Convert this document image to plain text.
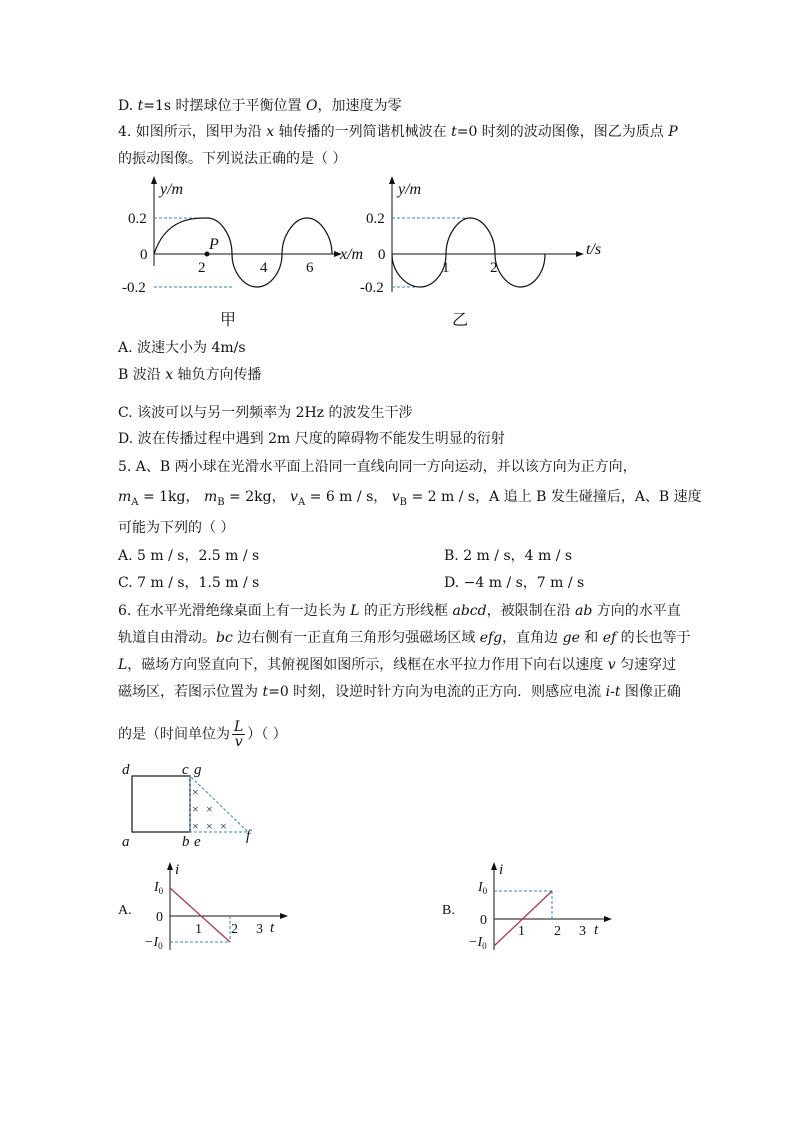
D. t=1s 时摆球位于平衡位置 O，加速度为零
4. 如图所示，图甲为沿 x 轴传播的一列简谐机械波在 t=0 时刻的波动图像，图乙为质点 P
的振动图像。下列说法正确的是（ ）
y/m
x/m
0.2
0
-0.2
P
2	4	6
甲
y/m
t/s
0.2
0
-0.2
1	2
乙
A. 波速大小为 4m/s
B 波沿 x 轴负方向传播
C. 该波可以与另一列频率为 2Hz 的波发生干涉
D. 波在传播过程中遇到 2m 尺度的障碍物不能发生明显的衍射
5. A、B 两小球在光滑水平面上沿同一直线向同一方向运动，并以该方向为正方向，
$m_A = 1kg$， $m_B = 2kg$， $v_A = 6$ m / s， $v_B = 2$ m / s，A 追上 B 发生碰撞后，A、B 速度
可能为下列的（ ）
A. 5 m / s，2.5 m / s	B. 2 m / s，4 m / s
C. 7 m / s，1.5 m / s	D. −4 m / s，7 m / s
6. 在水平光滑绝缘桌面上有一边长为 L 的正方形线框 abcd，被限制在沿 ab 方向的水平直
轨道自由滑动。bc 边右侧有一正直角三角形匀强磁场区域 efg，直角边 ge 和 ef 的长也等于
L，磁场方向竖直向下，其俯视图如图所示，线框在水平拉力作用下向右以速度 v 匀速穿过
磁场区，若图示位置为 t=0 时刻，设逆时针方向为电流的正方向．则感应电流 i-t 图像正确
的是（时间单位为 $\frac{L}{v}$ ）（ ）
d	c g
a	b e	f
×
× ×
× × ×
A.
i
t
$I_0$
0
$-I_0$
1 2 3
B.
i
t
$I_0$
0
$-I_0$
1 2 3
